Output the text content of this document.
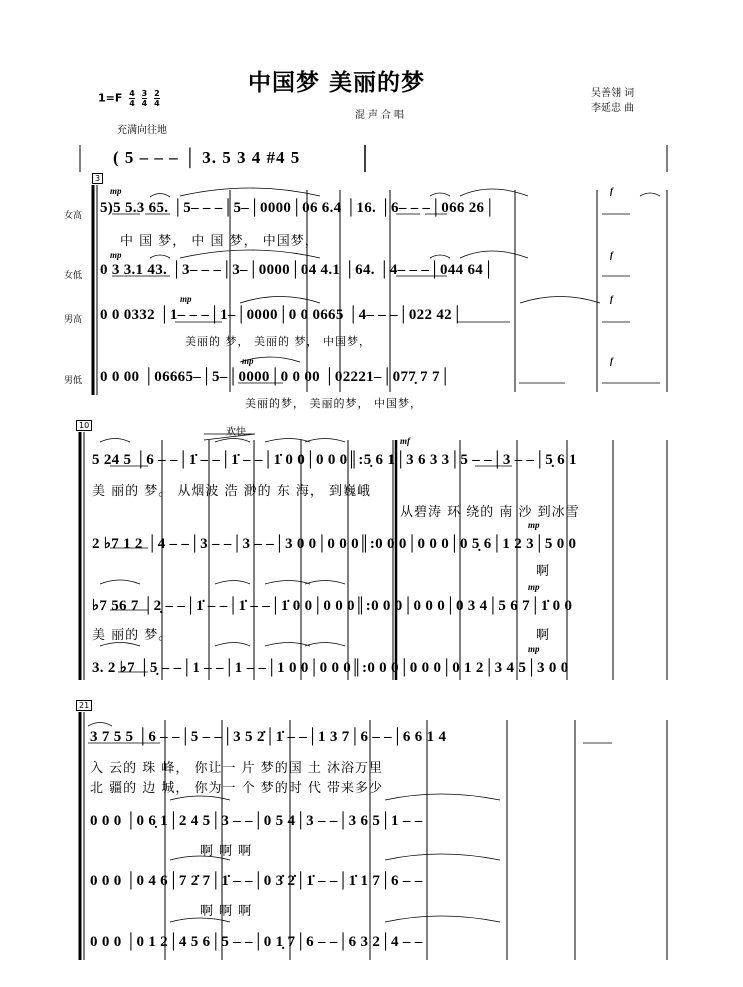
中国梦 美丽的梦
混声合唱
$1=F \frac{4}{4}$
$\frac{3}{4}$
$\frac{2}{4}$	吴善翎 词
李延忠 曲
充满向往地
( 5 – – – │ 3. 5 3 4 #4 5
3
女高
女低
男高
男低
mp	f
5)5 5.3 65. │5– – –│5–│0000│06 6.4 │16. │6– – –│066 26│
中 国 梦， 中 国 梦， 中国梦，
mp	f
0 3 3.1 43. │3– – –│3–│0000│04 4.1 │64. │4– – –│044 64│
mp	f
0 0 0332 │1– – –│1–│0000│0 0 0665 │4– – –│022 42│
美丽的 梦， 美丽的 梦， 中国梦，
mp	f
0 0 00 │06665–│5–│0000│0 0 00 │02221–│077̣ 7 7│
美丽的梦， 美丽的梦， 中国梦，
10
欢快
mf
5 24 5 │6 – –│1̇ – –│1̇ – –│1̇ 0 0│0 0 0║:5̣ 6 1│3 6 3 3│5 – –│3 – –│5̣ 6 1
美 丽的 梦。 从烟波 浩 渺的 东 海， 到巍峨
从碧涛 环 绕的 南 沙 到冰雪
mp
2 ♭7 1 2 │4 – –│3 – –│3 – –│3 0 0│0 0 0║:0 0 0│0 0 0│0 5̣ 6│1 2 3│5 0 0
啊
mp
♭7 56 7 │2̣ – –│1̇ – –│1̇ – –│1̇ 0 0│0 0 0║:0 0 0│0 0 0│0 3 4│5 6 7│1̇ 0 0
美 丽的 梦。	啊
mp
3. 2 ♭7 │5̣ – –│1 – –│1 – –│1 0 0│0 0 0║:0 0 0│0 0 0│0 1 2│3 4 5│3 0 0
21
3 7 5 5 │6 – –│5 – –│3 5 2̇│1̇ – –│1 3 7│6 – –│6 6 1 4
入 云的 珠 峰， 你让一 片 梦的国 土 沐浴万里
北 疆的 边 城， 你为一 个 梦的时 代 带来多少
0 0 0 │0 6̣ 1│2 4 5│3 – –│0 5 4│3 – –│3 6 5│1 – –
啊 啊 啊
0 0 0 │0 4 6│7 2̇ 7│1̇ – –│0 3̇ 2̇│1̇ – –│1̇ 1 7│6 – –
啊 啊 啊
0 0 0 │0 1 2│4 5 6│5 – –│0 1̣ 7│6 – –│6 3 2│4 – –
